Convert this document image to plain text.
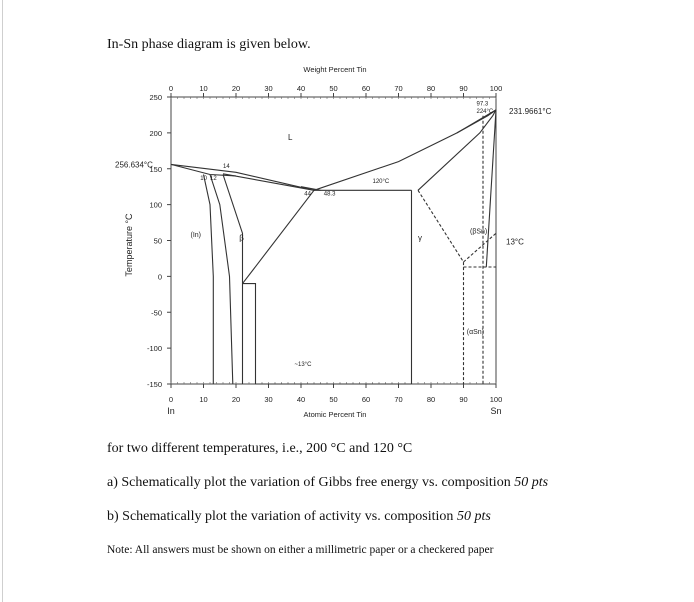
In-Sn phase diagram is given below.
0	10	20	30	40	50	60	70	80	90	100
Weight Percent Tin
0	10	20	30	40	50	60	70	80	90	100
Atomic Percent Tin
In	Sn
250
200
150
100
50
0
-50
-100
-150
Temperature °C
256.634°C
231.9661°C
13°C
L
β	γ
(In)
(βSn)
(αSn)
120°C
44 48.3
~13°C
10 12
14
97.3
224°C
for two different temperatures, i.e., 200 °C and 120 °C
a) Schematically plot the variation of Gibbs free energy vs. composition 50 pts
b) Schematically plot the variation of activity vs. composition 50 pts
Note: All answers must be shown on either a millimetric paper or a checkered paper
